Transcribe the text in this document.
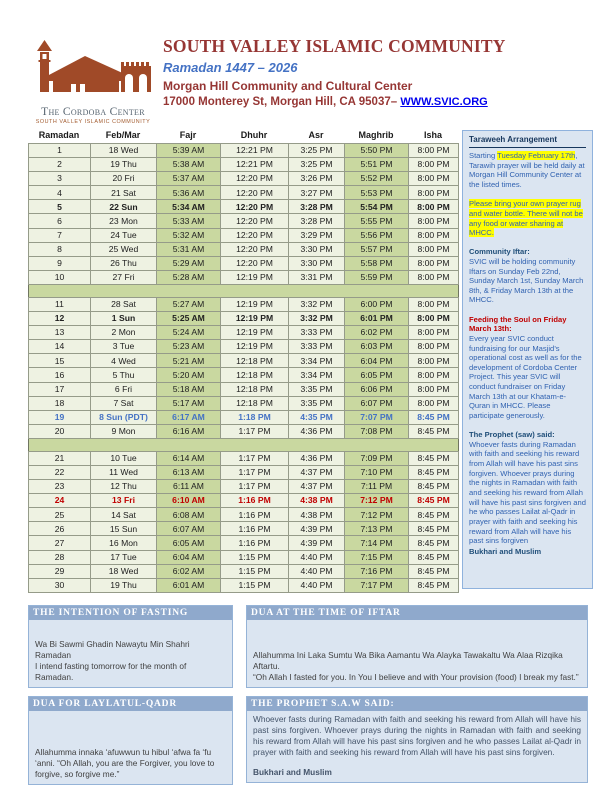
The Cordoba Center
SOUTH VALLEY ISLAMIC COMMUNITY
SOUTH VALLEY ISLAMIC COMMUNITY
Ramadan 1447 – 2026
Morgan Hill Community and Cultural Center
17000 Monterey St, Morgan Hill, CA 95037– WWW.SVIC.ORG
Ramadan	Feb/Mar	Fajr	Dhuhr	Asr	Maghrib	Isha
1	18 Wed	5:39 AM	12:21 PM	3:25 PM	5:50 PM	8:00 PM
2	19 Thu	5:38 AM	12:21 PM	3:25 PM	5:51 PM	8:00 PM
3	20 Fri	5:37 AM	12:20 PM	3:26 PM	5:52 PM	8:00 PM
4	21 Sat	5:36 AM	12:20 PM	3:27 PM	5:53 PM	8:00 PM
5	22 Sun	5:34 AM	12:20 PM	3:28 PM	5:54 PM	8:00 PM
6	23 Mon	5:33 AM	12:20 PM	3:28 PM	5:55 PM	8:00 PM
7	24 Tue	5:32 AM	12:20 PM	3:29 PM	5:56 PM	8:00 PM
8	25 Wed	5:31 AM	12:20 PM	3:30 PM	5:57 PM	8:00 PM
9	26 Thu	5:29 AM	12:20 PM	3:30 PM	5:58 PM	8:00 PM
10	27 Fri	5:28 AM	12:19 PM	3:31 PM	5:59 PM	8:00 PM

11	28 Sat	5:27 AM	12:19 PM	3:32 PM	6:00 PM	8:00 PM
12	1 Sun	5:25 AM	12:19 PM	3:32 PM	6:01 PM	8:00 PM
13	2 Mon	5:24 AM	12:19 PM	3:33 PM	6:02 PM	8:00 PM
14	3 Tue	5:23 AM	12:19 PM	3:33 PM	6:03 PM	8:00 PM
15	4 Wed	5:21 AM	12:18 PM	3:34 PM	6:04 PM	8:00 PM
16	5 Thu	5:20 AM	12:18 PM	3:34 PM	6:05 PM	8:00 PM
17	6 Fri	5:18 AM	12:18 PM	3:35 PM	6:06 PM	8:00 PM
18	7 Sat	5:17 AM	12:18 PM	3:35 PM	6:07 PM	8:00 PM
19	8 Sun (PDT)	6:17 AM	1:18 PM	4:35 PM	7:07 PM	8:45 PM
20	9 Mon	6:16 AM	1:17 PM	4:36 PM	7:08 PM	8:45 PM

21	10 Tue	6:14 AM	1:17 PM	4:36 PM	7:09 PM	8:45 PM
22	11 Wed	6:13 AM	1:17 PM	4:37 PM	7:10 PM	8:45 PM
23	12 Thu	6:11 AM	1:17 PM	4:37 PM	7:11 PM	8:45 PM
24	13 Fri	6:10 AM	1:16 PM	4:38 PM	7:12 PM	8:45 PM
25	14 Sat	6:08 AM	1:16 PM	4:38 PM	7:12 PM	8:45 PM
26	15 Sun	6:07 AM	1:16 PM	4:39 PM	7:13 PM	8:45 PM
27	16 Mon	6:05 AM	1:16 PM	4:39 PM	7:14 PM	8:45 PM
28	17 Tue	6:04 AM	1:15 PM	4:40 PM	7:15 PM	8:45 PM
29	18 Wed	6:02 AM	1:15 PM	4:40 PM	7:16 PM	8:45 PM
30	19 Thu	6:01 AM	1:15 PM	4:40 PM	7:17 PM	8:45 PM
Taraweeh Arrangement
Starting Tuesday February 17th, Tarawih prayer will be held daily at Morgan Hill Community Center at the listed times.
Please bring your own prayer rug and water bottle. There will not be any food or water sharing at MHCC.
Community Iftar:
SVIC will be holding community Iftars on Sunday Feb 22nd, Sunday March 1st, Sunday March 8th, & Friday March 13th at the MHCC.
Feeding the Soul on Friday March 13th:
Every year SVIC conduct fundraising for our Masjid’s operational cost as well as for the development of Cordoba Center Project. This year SVIC will conduct fundraiser on Friday March 13th at our Khatam-e-Quran in MHCC. Please participate generously.
The Prophet (saw) said:
Whoever fasts during Ramadan with faith and seeking his reward from Allah will have his past sins forgiven. Whoever prays during the nights in Ramadan with faith and seeking his reward from Allah will have his past sins forgiven and he who passes Lailat al-Qadr in prayer with faith and seeking his reward from Allah will have his past sins forgiven
Bukhari and Muslim
THE INTENTION OF FASTING
Wa Bi Sawmi Ghadin Nawaytu Min Shahri Ramadan
I intend fasting tomorrow for the month of Ramadan.
DUA AT THE TIME OF IFTAR
Allahumma Ini Laka Sumtu Wa Bika Aamantu Wa Alayka Tawakaltu Wa Alaa Rizqika Aftartu.
“Oh Allah I fasted for you. In You I believe and with Your provision (food) I break my fast.”
DUA FOR LAYLATUL-QADR
Allahumma innaka ‘afuwwun tu hibul ‘afwa fa ‘fu ‘anni. “Oh Allah, you are the Forgiver, you love to forgive, so forgive me.”
THE PROPHET S.A.W SAID:
Whoever fasts during Ramadan with faith and seeking his reward from Allah will have his past sins forgiven. Whoever prays during the nights in Ramadan with faith and seeking his reward from Allah will have his past sins forgiven and he who passes Lailat al-Qadr in prayer with faith and seeking his reward from Allah will have his past sins forgiven.
Bukhari and Muslim
